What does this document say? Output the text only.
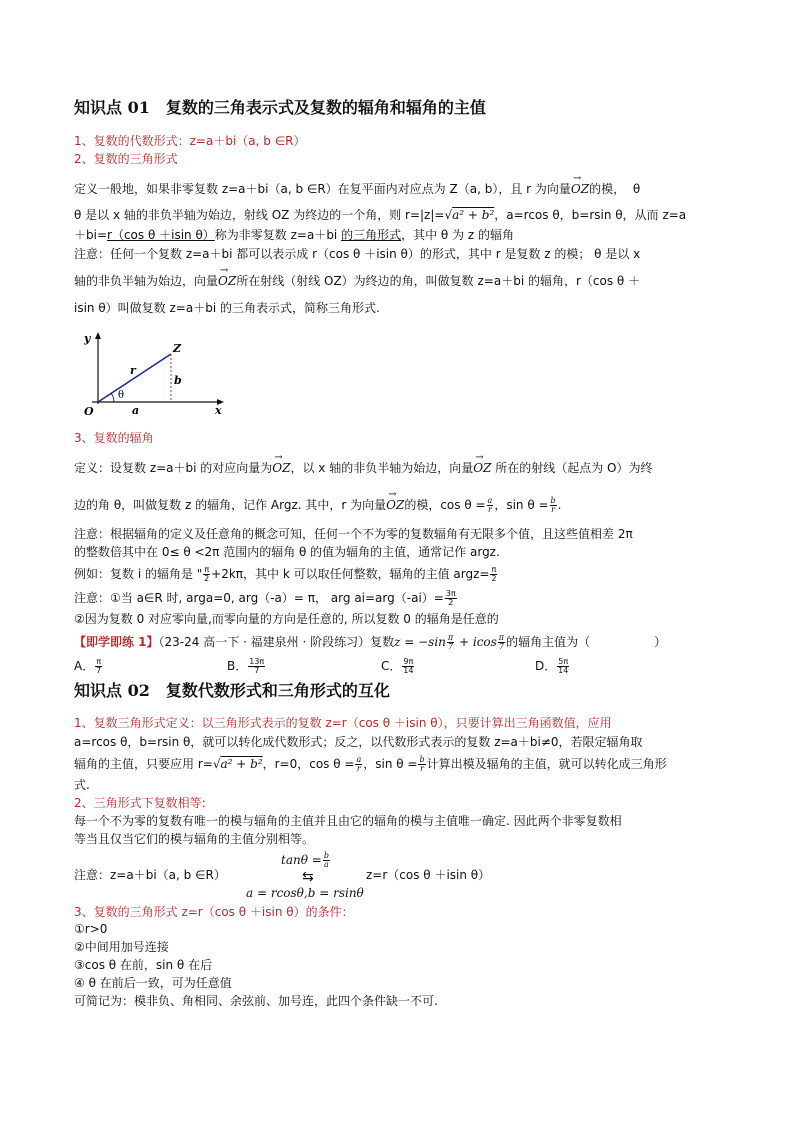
知识点 01　复数的三角表示式及复数的辐角和辐角的主值
1、复数的代数形式：z=a＋bi（a, b ∈R）
2、复数的三角形式
定义一般地，如果非零复数 z=a＋bi（a, b ∈R）在复平面内对应点为 Z（a, b），且 r 为向量→ OZ的模， θ
θ 是以 x 轴的非负半轴为始边，射线 OZ 为终边的一个角，则 r=|z|=√a² + b²，a=rcos θ，b=rsin θ，从而 z=a
＋bi=r（cos θ ＋isin θ）称为非零复数 z=a＋bi 的三角形式，其中 θ 为 z 的辐角
注意：任何一个复数 z=a＋bi 都可以表示成 r（cos θ ＋isin θ）的形式，其中 r 是复数 z 的模； θ 是以 x
轴的非负半轴为始边，向量→ OZ所在射线（射线 OZ）为终边的角，叫做复数 z=a＋bi 的辐角，r（cos θ ＋
isin θ）叫做复数 z=a＋bi 的三角表示式，简称三角形式.
y
x
O
Z
r
b
a
θ
3、复数的辐角
定义：设复数 z=a＋bi 的对应向量为→ OZ，以 x 轴的非负半轴为始边，向量→ OZ 所在的射线（起点为 O）为终
边的角 θ，叫做复数 z 的辐角，记作 Argz. 其中，r 为向量→ OZ的模，$\cos \theta = \frac{a}{r}$ ，$\sin \theta = \frac{b}{r}$ .
注意：根据辐角的定义及任意角的概念可知，任何一个不为零的复数辐角有无限多个值，且这些值相差 2π
的整数倍其中在 0≤ θ <2π 范围内的辐角 θ 的值为辐角的主值，通常记作 argz.
例如：复数 i 的辐角是 " $\frac{\pi}{2} +2k\pi$，其中 k 可以取任何整数，辐角的主值 argz= $\frac{\pi}{2}$
注意：①当 a∈R 时, arga=0, arg（-a）= π， arg $ai=arg(-ai)= \frac{3\pi}{2}$
②因为复数 0 对应零向量,而零向量的方向是任意的, 所以复数 0 的辐角是任意的
【即学即练 1】（23-24 高一下 · 福建泉州 · 阶段练习）复数$z = -\sin \frac{\pi}{7} + icos \frac{\pi}{7}$ 的辐角主值为（	）
A． $\frac{\pi}{7}$	B． $\frac{13\pi}{7}$	C． $\frac{9\pi}{14}$	D． $\frac{5\pi}{14}$
知识点 02　复数代数形式和三角形式的互化
1、复数三角形式定义：以三角形式表示的复数 z=r（cos θ ＋isin θ），只要计算出三角函数值，应用
a=rcos θ，b=rsin θ，就可以转化成代数形式；反之，以代数形式表示的复数 z=a＋bi≠0，若限定辐角取
辐角的主值，只要应用 r=√a² + b²，r=0，$\cos \theta = \frac{a}{r}$ ，$\sin \theta = \frac{b}{r}$ 计算出模及辐角的主值，就可以转化成三角形
式.
2、三角形式下复数相等:
每一个不为零的复数有唯一的模与辐角的主值并且由它的辐角的模与主值唯一确定. 因此两个非零复数相
等当且仅当它们的模与辐角的主值分别相等。
$\tan\theta = \frac{b}{a}$
注意：z=a＋bi（a, b ∈R）	⇆	z=r（cos θ ＋isin θ）
a = rcosθ,b = rsinθ
3、复数的三角形式 z=r（cos θ ＋isin θ）的条件：
①r>0
②中间用加号连接
③cos θ 在前，sin θ 在后
④ θ 在前后一致，可为任意值
可简记为：模非负、角相同、余弦前、加号连，此四个条件缺一不可.
